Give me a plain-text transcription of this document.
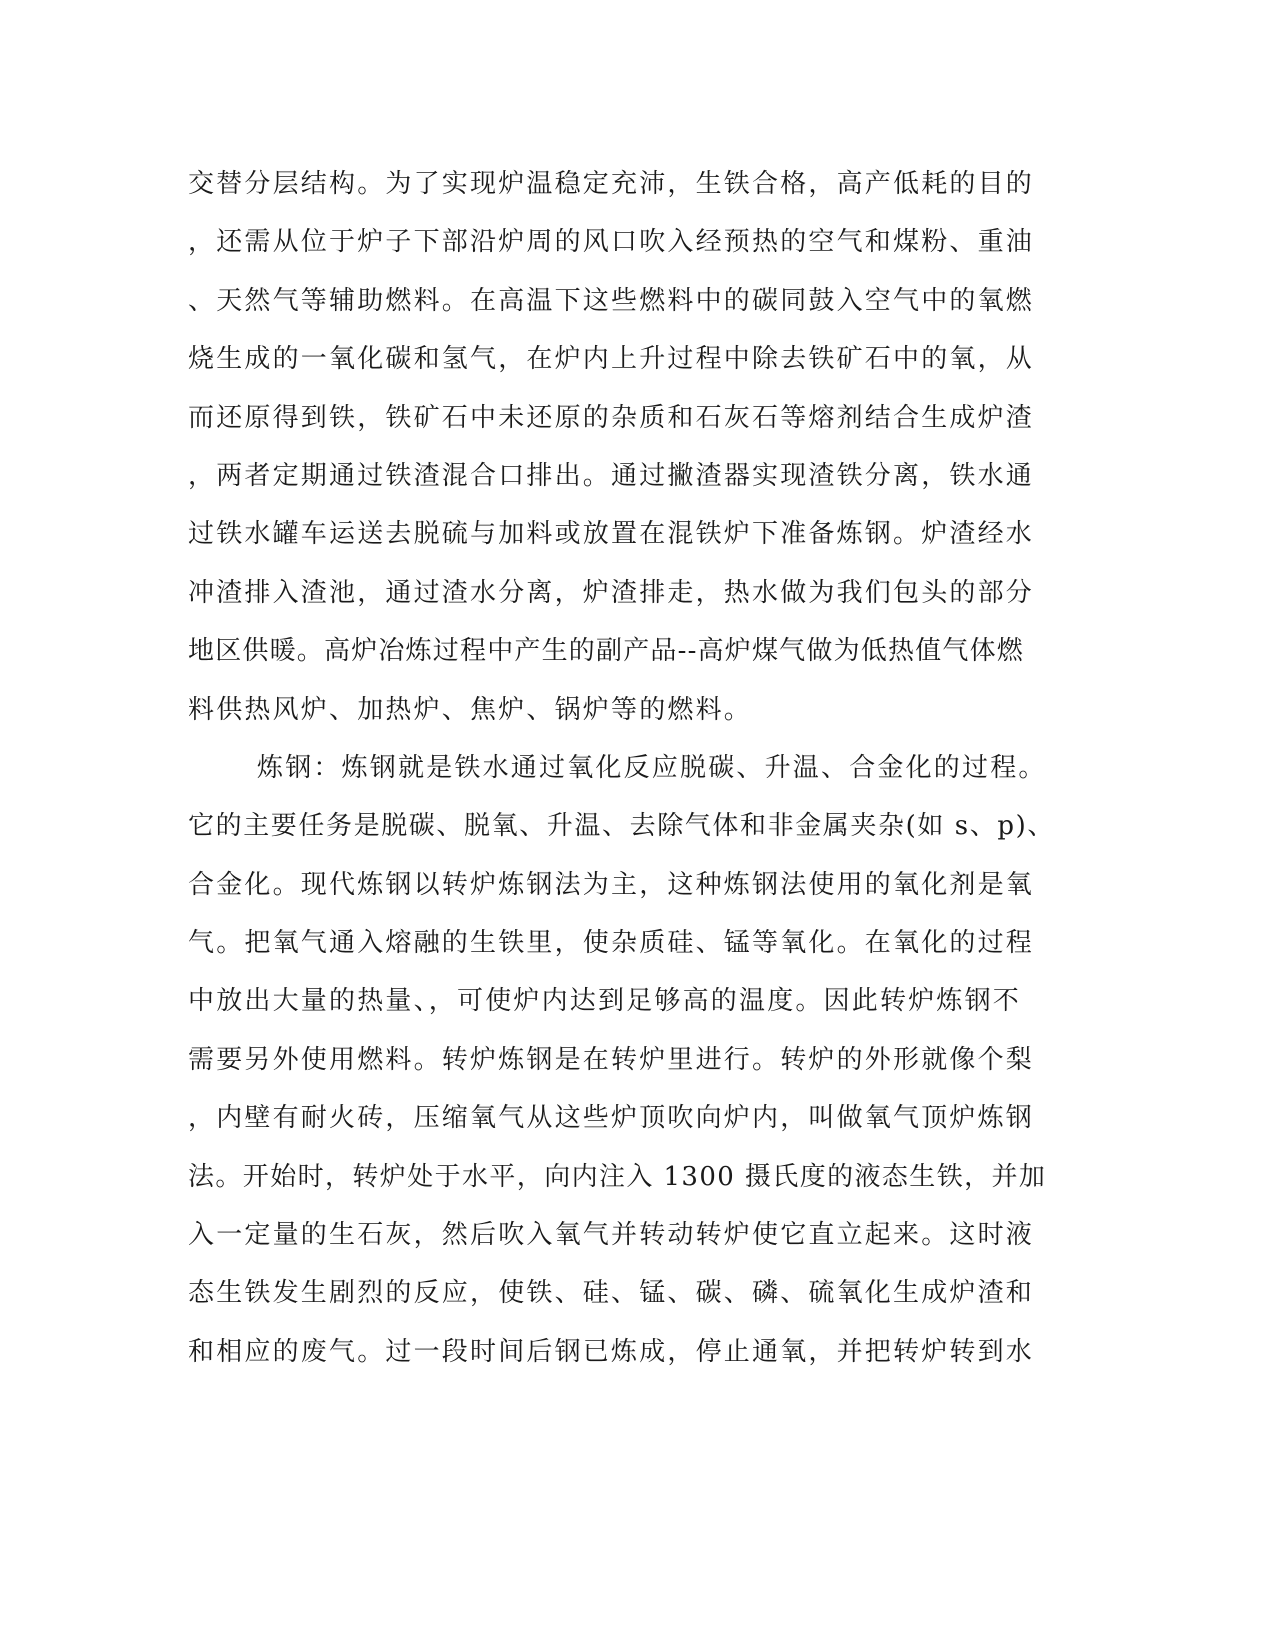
交替分层结构。为了实现炉温稳定充沛，生铁合格，高产低耗的目的
，还需从位于炉子下部沿炉周的风口吹入经预热的空气和煤粉、重油
、天然气等辅助燃料。在高温下这些燃料中的碳同鼓入空气中的氧燃
烧生成的一氧化碳和氢气，在炉内上升过程中除去铁矿石中的氧，从
而还原得到铁，铁矿石中未还原的杂质和石灰石等熔剂结合生成炉渣
，两者定期通过铁渣混合口排出。通过撇渣器实现渣铁分离，铁水通
过铁水罐车运送去脱硫与加料或放置在混铁炉下准备炼钢。炉渣经水
冲渣排入渣池，通过渣水分离，炉渣排走，热水做为我们包头的部分
地区供暖。高炉冶炼过程中产生的副产品--高炉煤气做为低热值气体燃
料供热风炉、加热炉、焦炉、锅炉等的燃料。
炼钢：炼钢就是铁水通过氧化反应脱碳、升温、合金化的过程。
它的主要任务是脱碳、脱氧、升温、去除气体和非金属夹杂(如 s、p)、
合金化。现代炼钢以转炉炼钢法为主，这种炼钢法使用的氧化剂是氧
气。把氧气通入熔融的生铁里，使杂质硅、锰等氧化。在氧化的过程
中放出大量的热量、，可使炉内达到足够高的温度。因此转炉炼钢不
需要另外使用燃料。转炉炼钢是在转炉里进行。转炉的外形就像个梨
，内壁有耐火砖，压缩氧气从这些炉顶吹向炉内，叫做氧气顶炉炼钢
法。开始时，转炉处于水平，向内注入 1300 摄氏度的液态生铁，并加
入一定量的生石灰，然后吹入氧气并转动转炉使它直立起来。这时液
态生铁发生剧烈的反应，使铁、硅、锰、碳、磷、硫氧化生成炉渣和
和相应的废气。过一段时间后钢已炼成，停止通氧，并把转炉转到水
